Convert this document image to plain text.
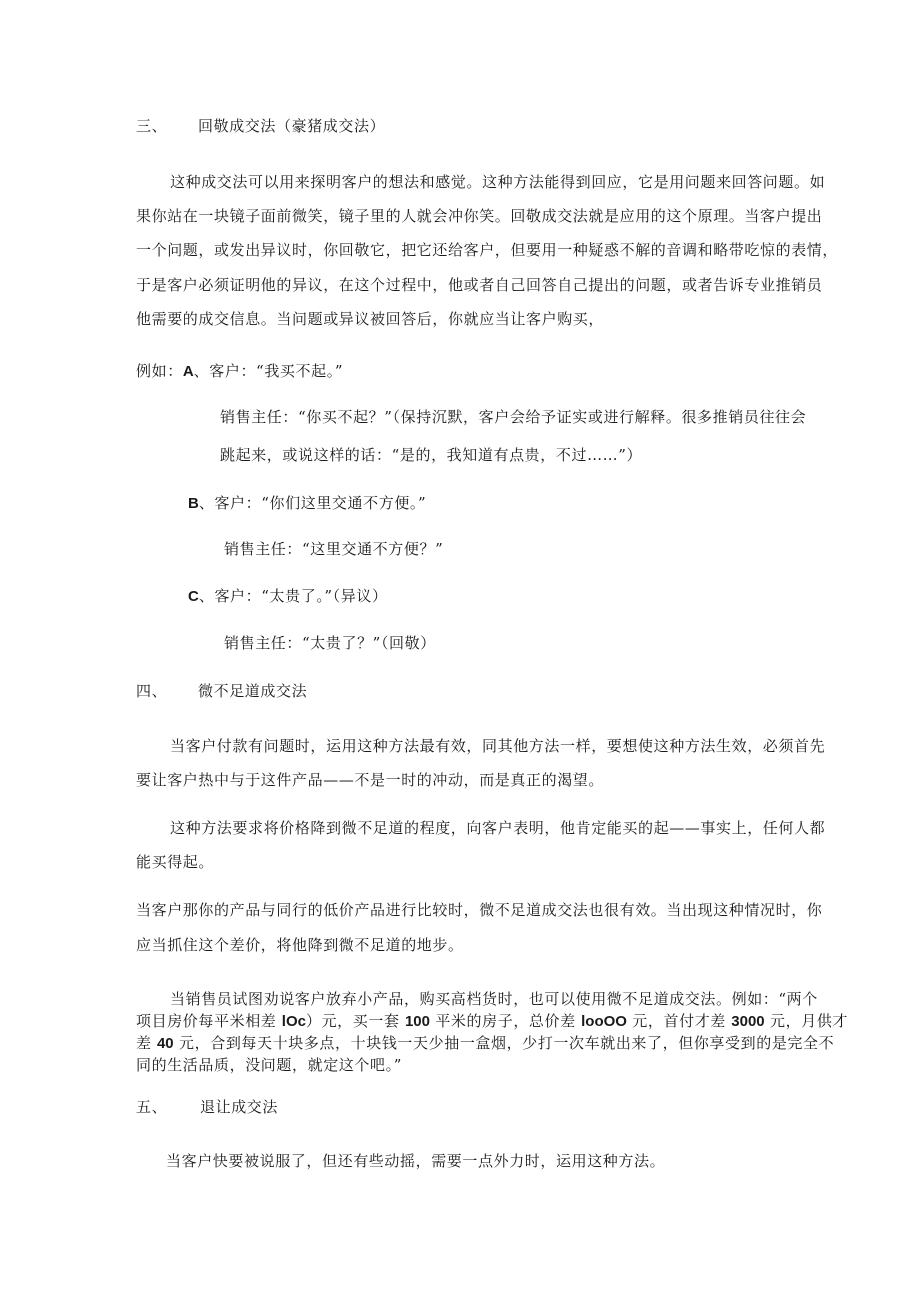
三、 回敬成交法（豪猪成交法）
这种成交法可以用来探明客户的想法和感觉。这种方法能得到回应，它是用问题来回答问题。如
果你站在一块镜子面前微笑，镜子里的人就会冲你笑。回敬成交法就是应用的这个原理。当客户提出
一个问题，或发出异议时，你回敬它，把它还给客户，但要用一种疑惑不解的音调和略带吃惊的表情，
于是客户必须证明他的异议，在这个过程中，他或者自己回答自己提出的问题，或者告诉专业推销员
他需要的成交信息。当问题或异议被回答后，你就应当让客户购买，
例如：A、客户：“我买不起。”
销售主任：“你买不起？”（保持沉默，客户会给予证实或进行解释。很多推销员往往会
跳起来，或说这样的话：“是的，我知道有点贵，不过……”）
B、客户：“你们这里交通不方便。”
销售主任：“这里交通不方便？”
C、客户：“太贵了。”（异议）
销售主任：“太贵了？”（回敬）
四、 微不足道成交法
当客户付款有问题时，运用这种方法最有效，同其他方法一样，要想使这种方法生效，必须首先
要让客户热中与于这件产品——不是一时的冲动，而是真正的渴望。
这种方法要求将价格降到微不足道的程度，向客户表明，他肯定能买的起——事实上，任何人都
能买得起。
当客户那你的产品与同行的低价产品进行比较时，微不足道成交法也很有效。当出现这种情况时，你
应当抓住这个差价，将他降到微不足道的地步。
当销售员试图劝说客户放弃小产品，购买高档货时，也可以使用微不足道成交法。例如：“两个
项目房价每平米相差 lOc）元，买一套 100 平米的房子，总价差 looOO 元，首付才差 3000 元，月供才
差 40 元，合到每天十块多点，十块钱一天少抽一盒烟，少打一次车就出来了，但你享受到的是完全不
同的生活品质，没问题，就定这个吧。”
五、 退让成交法
当客户快要被说服了，但还有些动摇，需要一点外力时，运用这种方法。
